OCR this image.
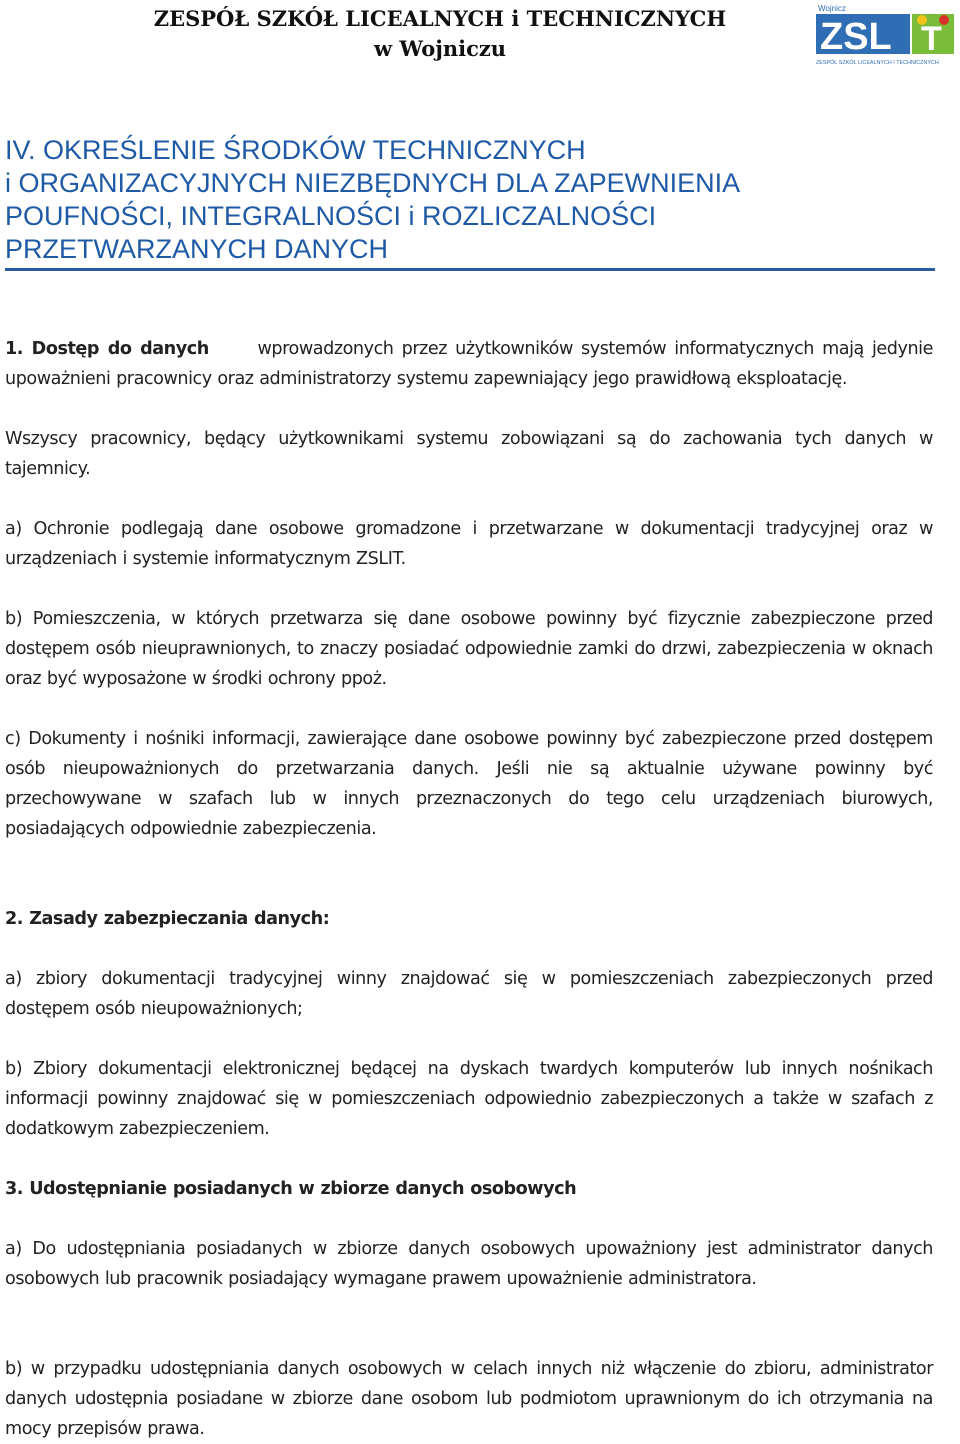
ZESPÓŁ SZKÓŁ LICEALNYCH i TECHNICZNYCH
w Wojniczu
Wojnicz
ZSL T
ZESPÓŁ SZKÓŁ LICEALNYCH I TECHNICZNYCH
IV. OKREŚLENIE ŚRODKÓW TECHNICZNYCH
i ORGANIZACYJNYCH NIEZBĘDNYCH DLA ZAPEWNIENIA
POUFNOŚCI, INTEGRALNOŚCI i ROZLICZALNOŚCI
PRZETWARZANYCH DANYCH
1. Dostęp do danych	wprowadzonych przez użytkowników systemów informatycznych mają jedynie upoważnieni pracownicy oraz administratorzy systemu zapewniający jego prawidłową eksploatację.
Wszyscy pracownicy, będący użytkownikami systemu zobowiązani są do zachowania tych danych w tajemnicy.
a) Ochronie podlegają dane osobowe gromadzone i przetwarzane w dokumentacji tradycyjnej oraz w urządzeniach i systemie informatycznym ZSLIT.
b) Pomieszczenia, w których przetwarza się dane osobowe powinny być fizycznie zabezpieczone przed dostępem osób nieuprawnionych, to znaczy posiadać odpowiednie zamki do drzwi, zabezpieczenia w oknach oraz być wyposażone w środki ochrony ppoż.
c) Dokumenty i nośniki informacji, zawierające dane osobowe powinny być zabezpieczone przed dostępem osób nieupoważnionych do przetwarzania danych. Jeśli nie są aktualnie używane powinny być przechowywane w szafach lub w innych przeznaczonych do tego celu urządzeniach biurowych, posiadających odpowiednie zabezpieczenia.
2. Zasady zabezpieczania danych:
a) zbiory dokumentacji tradycyjnej winny znajdować się w pomieszczeniach zabezpieczonych przed dostępem osób nieupoważnionych;
b) Zbiory dokumentacji elektronicznej będącej na dyskach twardych komputerów lub innych nośnikach informacji powinny znajdować się w pomieszczeniach odpowiednio zabezpieczonych a także w szafach z dodatkowym zabezpieczeniem.
3. Udostępnianie posiadanych w zbiorze danych osobowych
a) Do udostępniania posiadanych w zbiorze danych osobowych upoważniony jest administrator danych osobowych lub pracownik posiadający wymagane prawem upoważnienie administratora.
b) w przypadku udostępniania danych osobowych w celach innych niż włączenie do zbioru, administrator danych udostępnia posiadane w zbiorze dane osobom lub podmiotom uprawnionym do ich otrzymania na mocy przepisów prawa.
